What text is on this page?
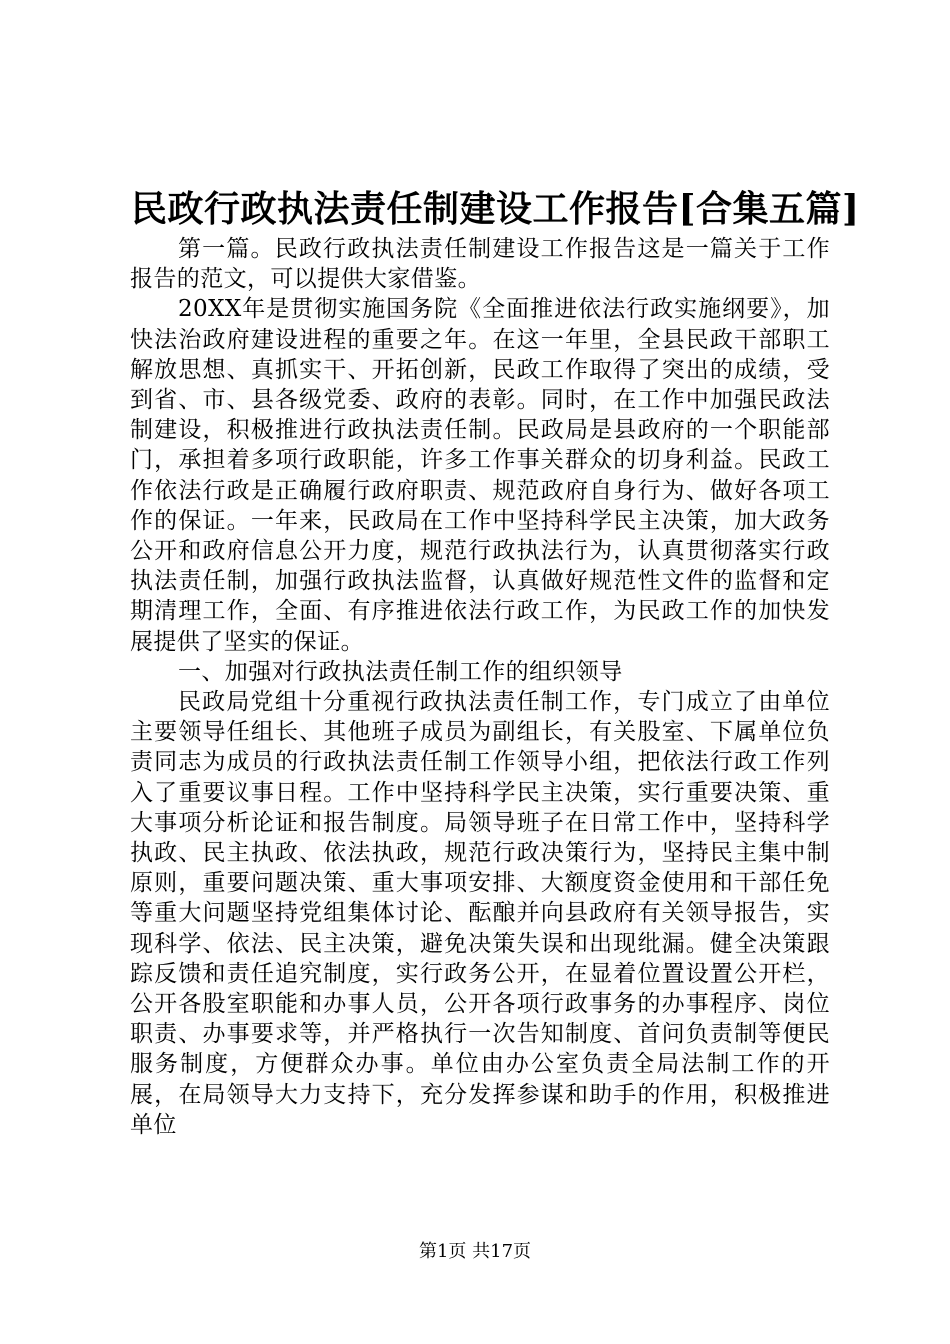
民政行政执法责任制建设工作报告[合集五篇]

第一篇。民政行政执法责任制建设工作报告这是一篇关于工作报告的范文，可以提供大家借鉴。

20XX年是贯彻实施国务院《全面推进依法行政实施纲要》，加快法治政府建设进程的重要之年。在这一年里，全县民政干部职工解放思想、真抓实干、开拓创新，民政工作取得了突出的成绩，受到省、市、县各级党委、政府的表彰。同时，在工作中加强民政法制建设，积极推进行政执法责任制。民政局是县政府的一个职能部门，承担着多项行政职能，许多工作事关群众的切身利益。民政工作依法行政是正确履行政府职责、规范政府自身行为、做好各项工作的保证。一年来，民政局在工作中坚持科学民主决策，加大政务公开和政府信息公开力度，规范行政执法行为，认真贯彻落实行政执法责任制，加强行政执法监督，认真做好规范性文件的监督和定期清理工作，全面、有序推进依法行政工作，为民政工作的加快发展提供了坚实的保证。

一、加强对行政执法责任制工作的组织领导

民政局党组十分重视行政执法责任制工作，专门成立了由单位主要领导任组长、其他班子成员为副组长，有关股室、下属单位负责同志为成员的行政执法责任制工作领导小组，把依法行政工作列入了重要议事日程。工作中坚持科学民主决策，实行重要决策、重大事项分析论证和报告制度。局领导班子在日常工作中，坚持科学执政、民主执政、依法执政，规范行政决策行为，坚持民主集中制原则，重要问题决策、重大事项安排、大额度资金使用和干部任免等重大问题坚持党组集体讨论、酝酿并向县政府有关领导报告，实现科学、依法、民主决策，避免决策失误和出现纰漏。健全决策跟踪反馈和责任追究制度，实行政务公开，在显着位置设置公开栏，公开各股室职能和办事人员，公开各项行政事务的办事程序、岗位职责、办事要求等，并严格执行一次告知制度、首问负责制等便民服务制度，方便群众办事。单位由办公室负责全局法制工作的开展，在局领导大力支持下，充分发挥参谋和助手的作用，积极推进单位

第1页 共17页
